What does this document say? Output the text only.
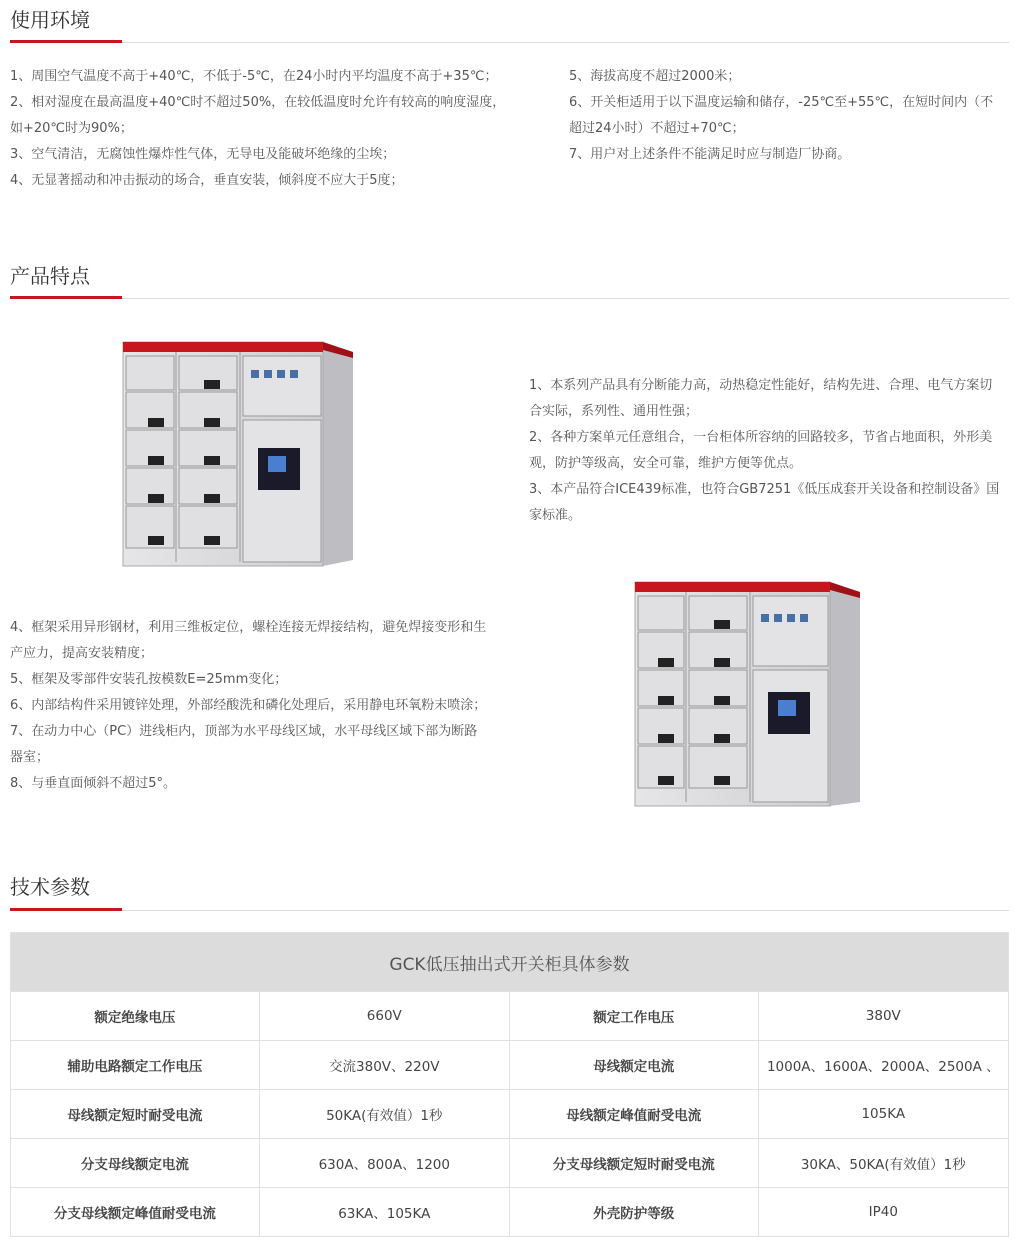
使用环境

1、周围空气温度不高于+40℃，不低于-5℃，在24小时内平均温度不高于+35℃；

2、相对湿度在最高温度+40℃时不超过50%，在较低温度时允许有较高的响度湿度，如+20℃时为90%；

3、空气清洁，无腐蚀性爆炸性气体，无导电及能破坏绝缘的尘埃；

4、无显著摇动和冲击振动的场合，垂直安装，倾斜度不应大于5度；

5、海拔高度不超过2000米；

6、开关柜适用于以下温度运输和储存，-25℃至+55℃，在短时间内（不超过24小时）不超过+70℃；

7、用户对上述条件不能满足时应与制造厂协商。

产品特点

1、本系列产品具有分断能力高，动热稳定性能好，结构先进、合理、电气方案切合实际，系列性、通用性强；

2、各种方案单元任意组合，一台柜体所容纳的回路较多，节省占地面积，外形美观，防护等级高，安全可靠，维护方便等优点。

3、本产品符合ICE439标准，也符合GB7251《低压成套开关设备和控制设备》国家标准。

4、框架采用异形钢材，利用三维板定位，螺栓连接无焊接结构，避免焊接变形和生产应力，提高安装精度；

5、框架及零部件安装孔按模数E=25mm变化；

6、内部结构件采用镀锌处理，外部经酸洗和磷化处理后，采用静电环氧粉末喷涂；

7、在动力中心（PC）进线柜内，顶部为水平母线区域，水平母线区域下部为断路器室；

8、与垂直面倾斜不超过5°。

技术参数
GCK低压抽出式开关柜具体参数			
额定绝缘电压	660V	额定工作电压	380V
辅助电路额定工作电压	交流380V、220V	母线额定电流	1000A、1600A、2000A、2500A 、
母线额定短时耐受电流	50KA(有效值）1秒	母线额定峰值耐受电流	105KA
分支母线额定电流	630A、800A、1200	分支母线额定短时耐受电流	30KA、50KA(有效值）1秒
分支母线额定峰值耐受电流	63KA、105KA	外壳防护等级	IP40
